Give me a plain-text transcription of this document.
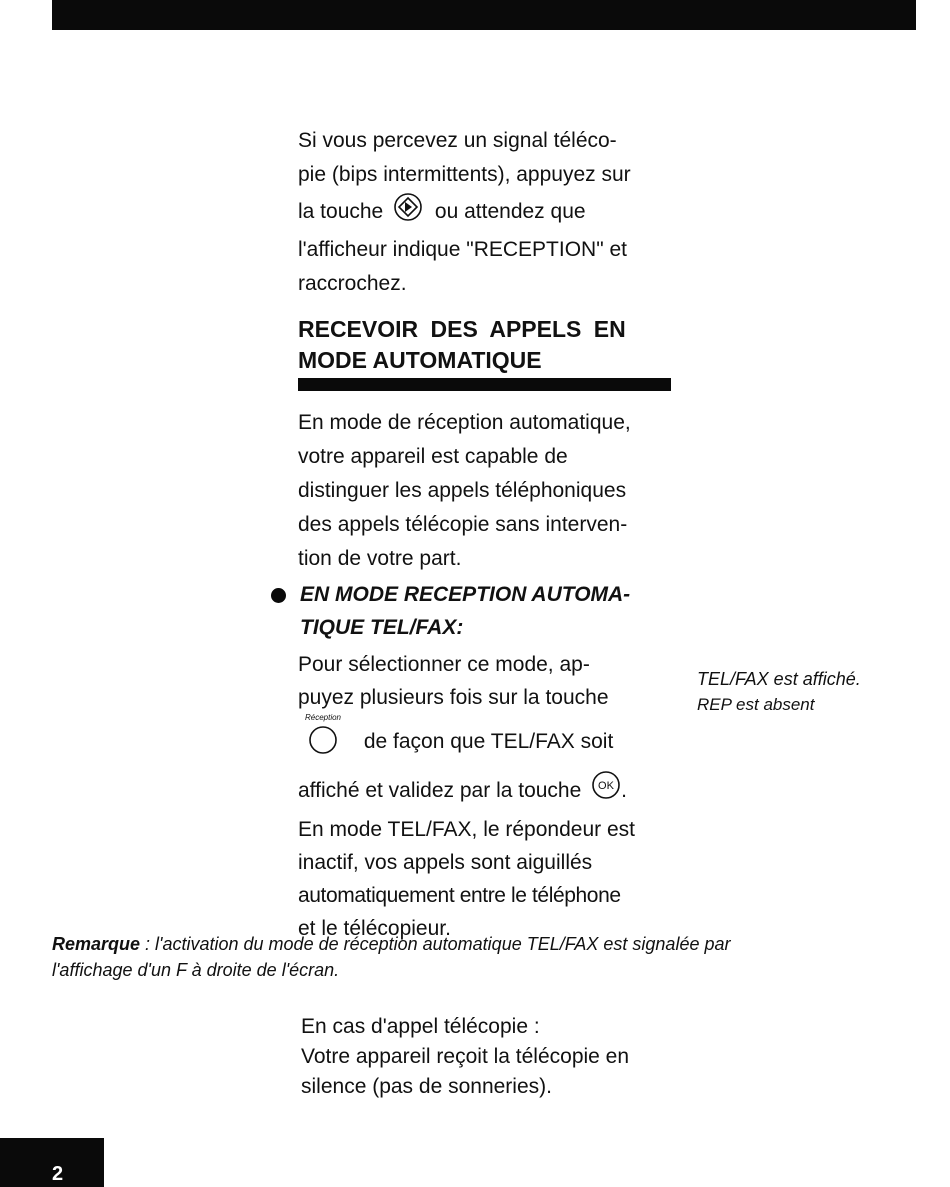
Si vous percevez un signal téléco-
pie (bips intermittents), appuyez sur
la touche ou attendez que
l'afficheur indique "RECEPTION" et
raccrochez.

RECEVOIR DES APPELS EN
MODE AUTOMATIQUE

En mode de réception automatique,
votre appareil est capable de
distinguer les appels téléphoniques
des appels télécopie sans interven-
tion de votre part.

EN MODE RECEPTION AUTOMA-
TIQUE TEL/FAX:

Pour sélectionner ce mode, ap-
puyez plusieurs fois sur la touche
Réception
de façon que TEL/FAX soit
affiché et validez par la touche OK .
En mode TEL/FAX, le répondeur est
inactif, vos appels sont aiguillés
automatiquement entre le téléphone
et le télécopieur.

TEL/FAX est affiché.
REP est absent

Remarque : l'activation du mode de réception automatique TEL/FAX est signalée par
l'affichage d'un F à droite de l'écran.

En cas d'appel télécopie :
Votre appareil reçoit la télécopie en
silence (pas de sonneries).

2
